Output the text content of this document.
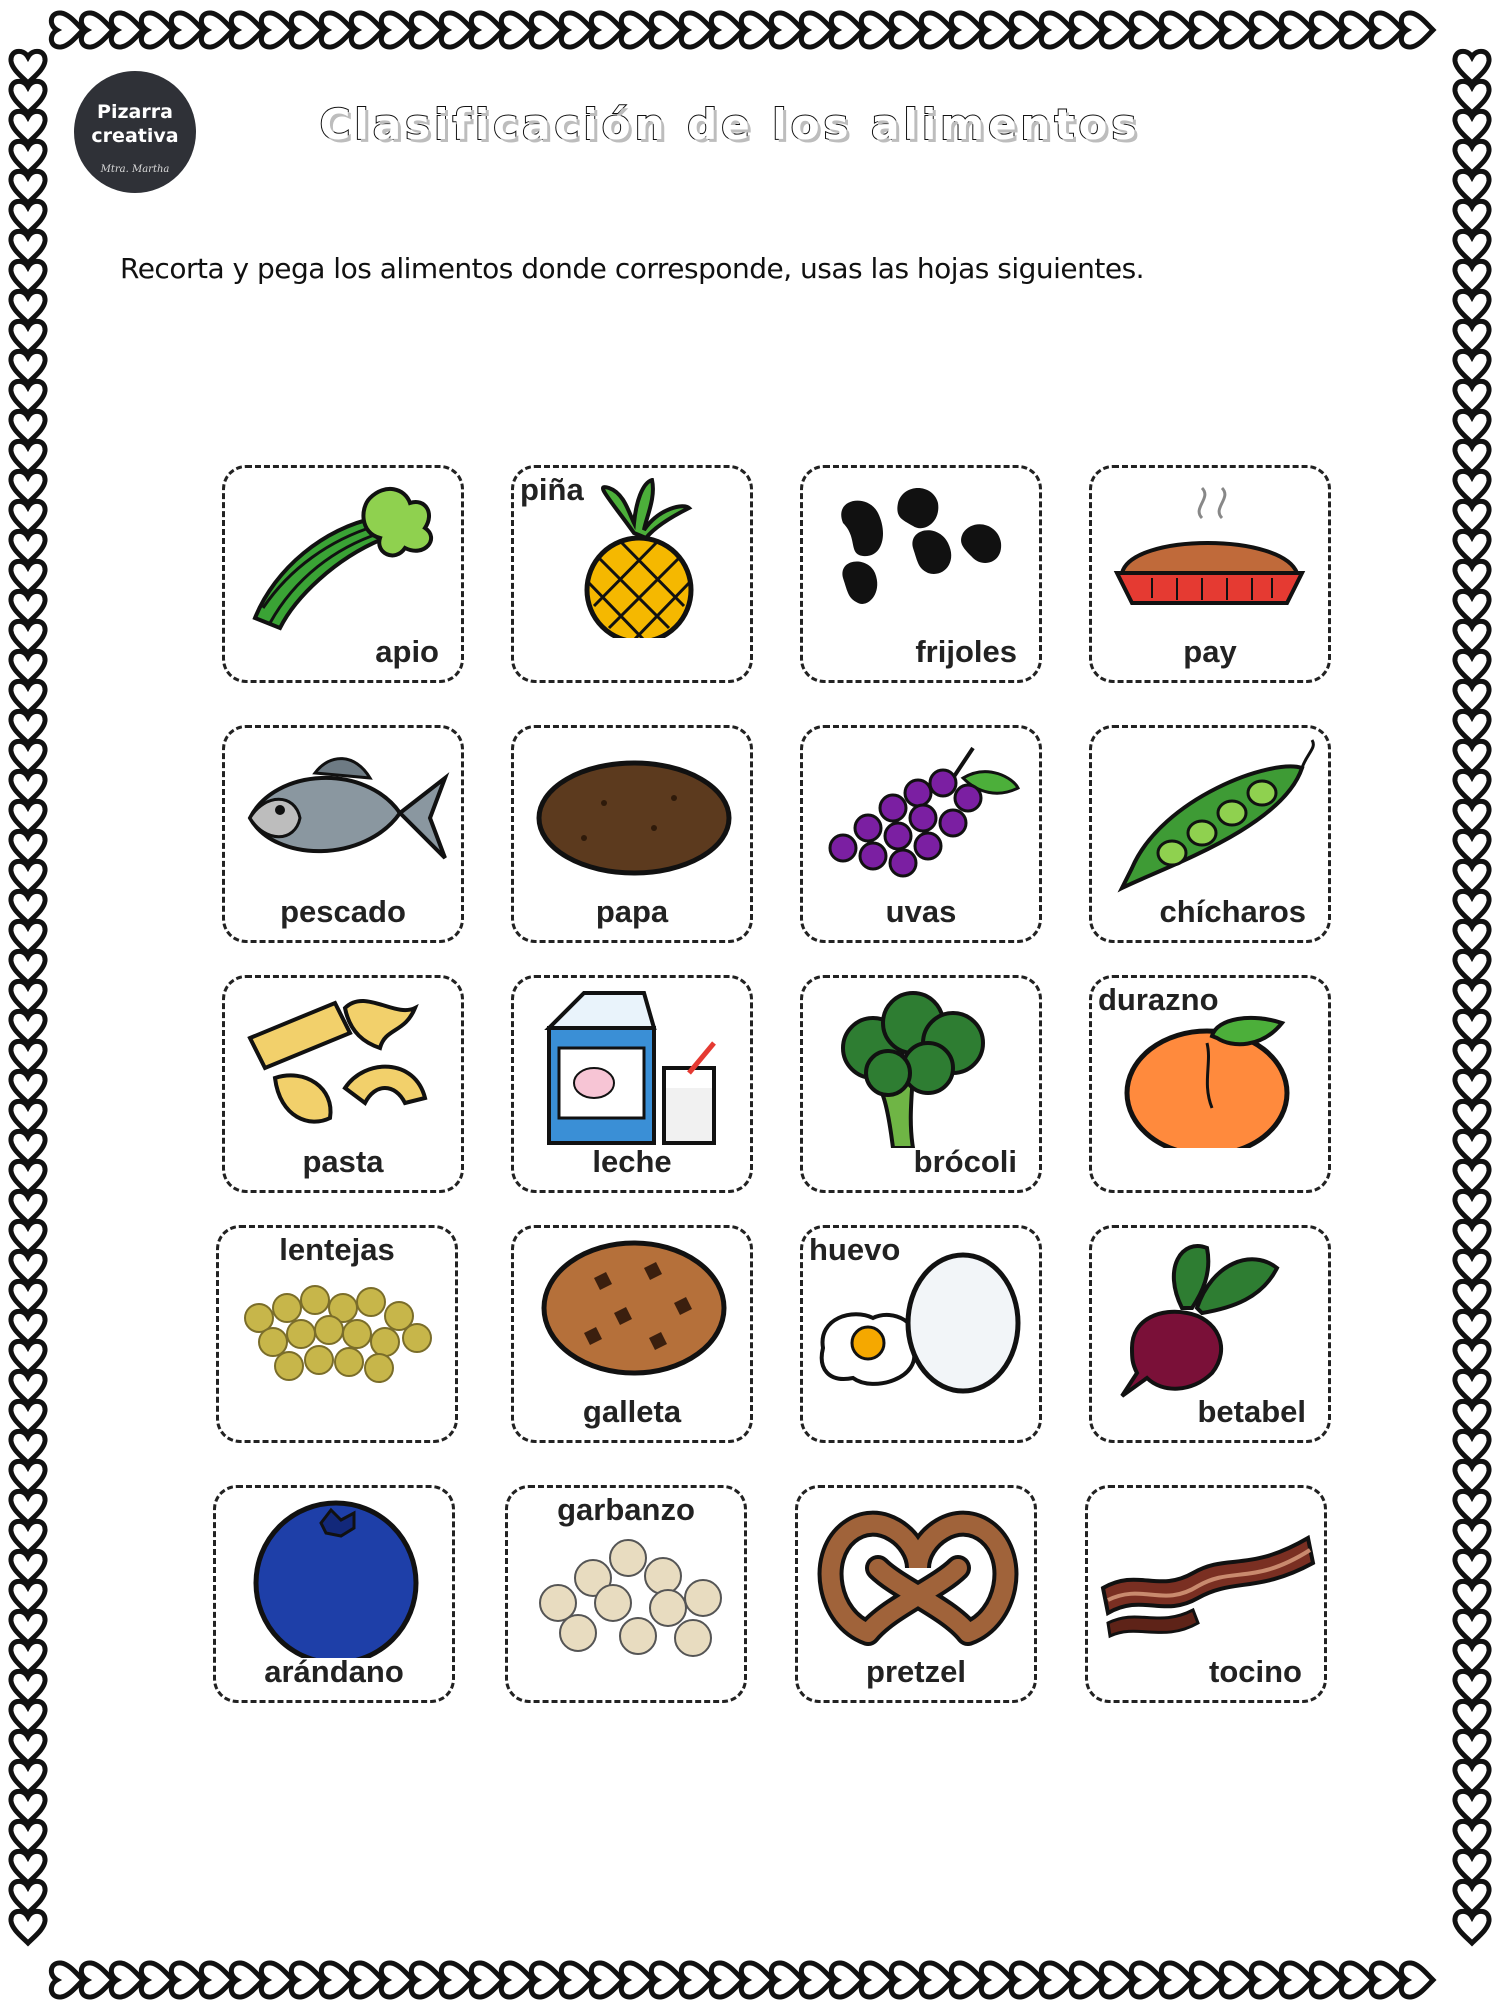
Pizarra
creativa
Mtra. Martha
Clasificación de los alimentos
Recorta y pega los alimentos donde corresponde, usas las hojas siguientes.
apio
piña
frijoles	pay
pescado	papa	uvas	chícharos
pasta	leche	brócoli
durazno
lentejas
galleta
huevo
betabel
arándano
garbanzo
pretzel	tocino
